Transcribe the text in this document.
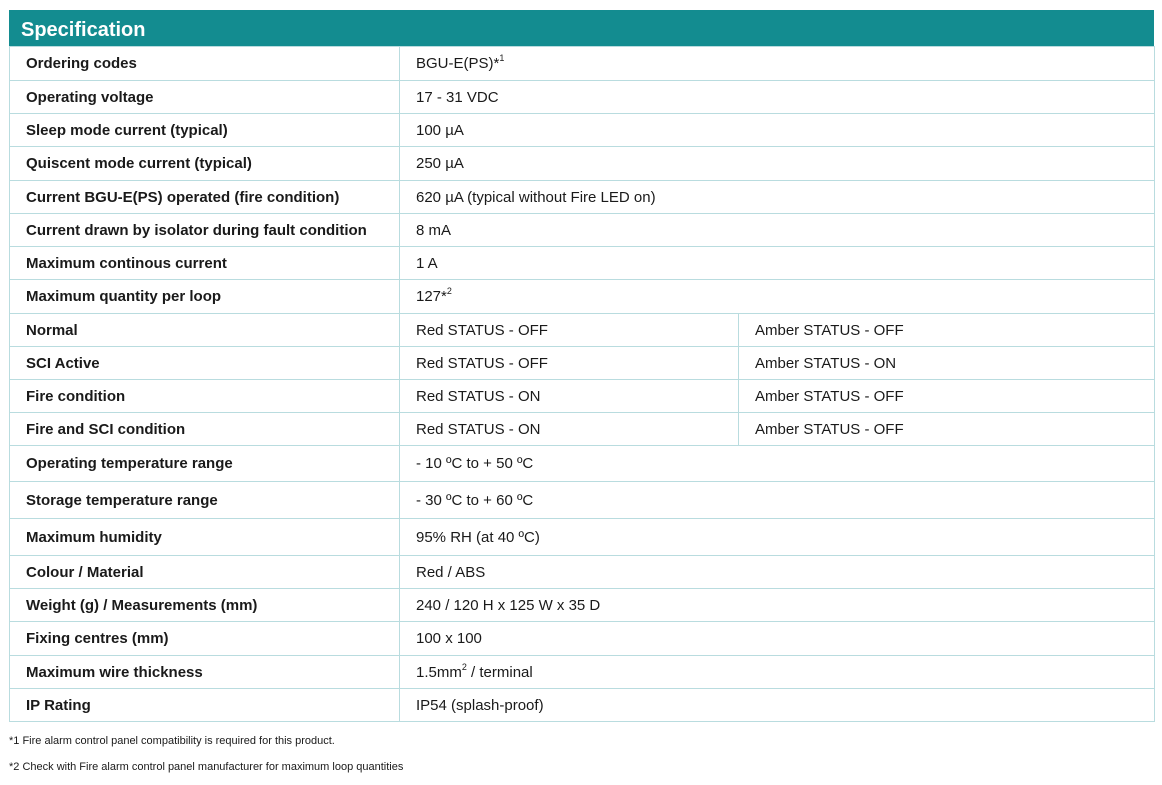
Specification
Ordering codes	BGU-E(PS)*$^1$
Operating voltage	17 - 31 VDC	
Sleep mode current (typical)	100 µA	
Quiscent mode current (typical)	250 µA	
Current BGU-E(PS) operated (fire condition)	620 µA (typical without Fire LED on)	
Current drawn by isolator during fault condition	8 mA	
Maximum continous current	1 A	
Maximum quantity per loop	127*$^2$
Normal	Red STATUS - OFF	Amber STATUS - OFF
SCI Active	Red STATUS - OFF	Amber STATUS - ON
Fire condition	Red STATUS - ON	Amber STATUS - OFF
Fire and SCI condition	Red STATUS - ON	Amber STATUS - OFF
Operating temperature range	- 10 ºC to + 50 ºC	
Storage temperature range	- 30 ºC to + 60 ºC	
Maximum humidity	95% RH (at 40 ºC)	
Colour / Material	Red / ABS	
Weight (g) / Measurements (mm)	240 / 120 H x 125 W x 35 D	
Fixing centres (mm)	100 x 100	
Maximum wire thickness	$1.5mm^2$ / terminal	
IP Rating	IP54 (splash-proof)	
*1 Fire alarm control panel compatibility is required for this product.
*2 Check with Fire alarm control panel manufacturer for maximum loop quantities
